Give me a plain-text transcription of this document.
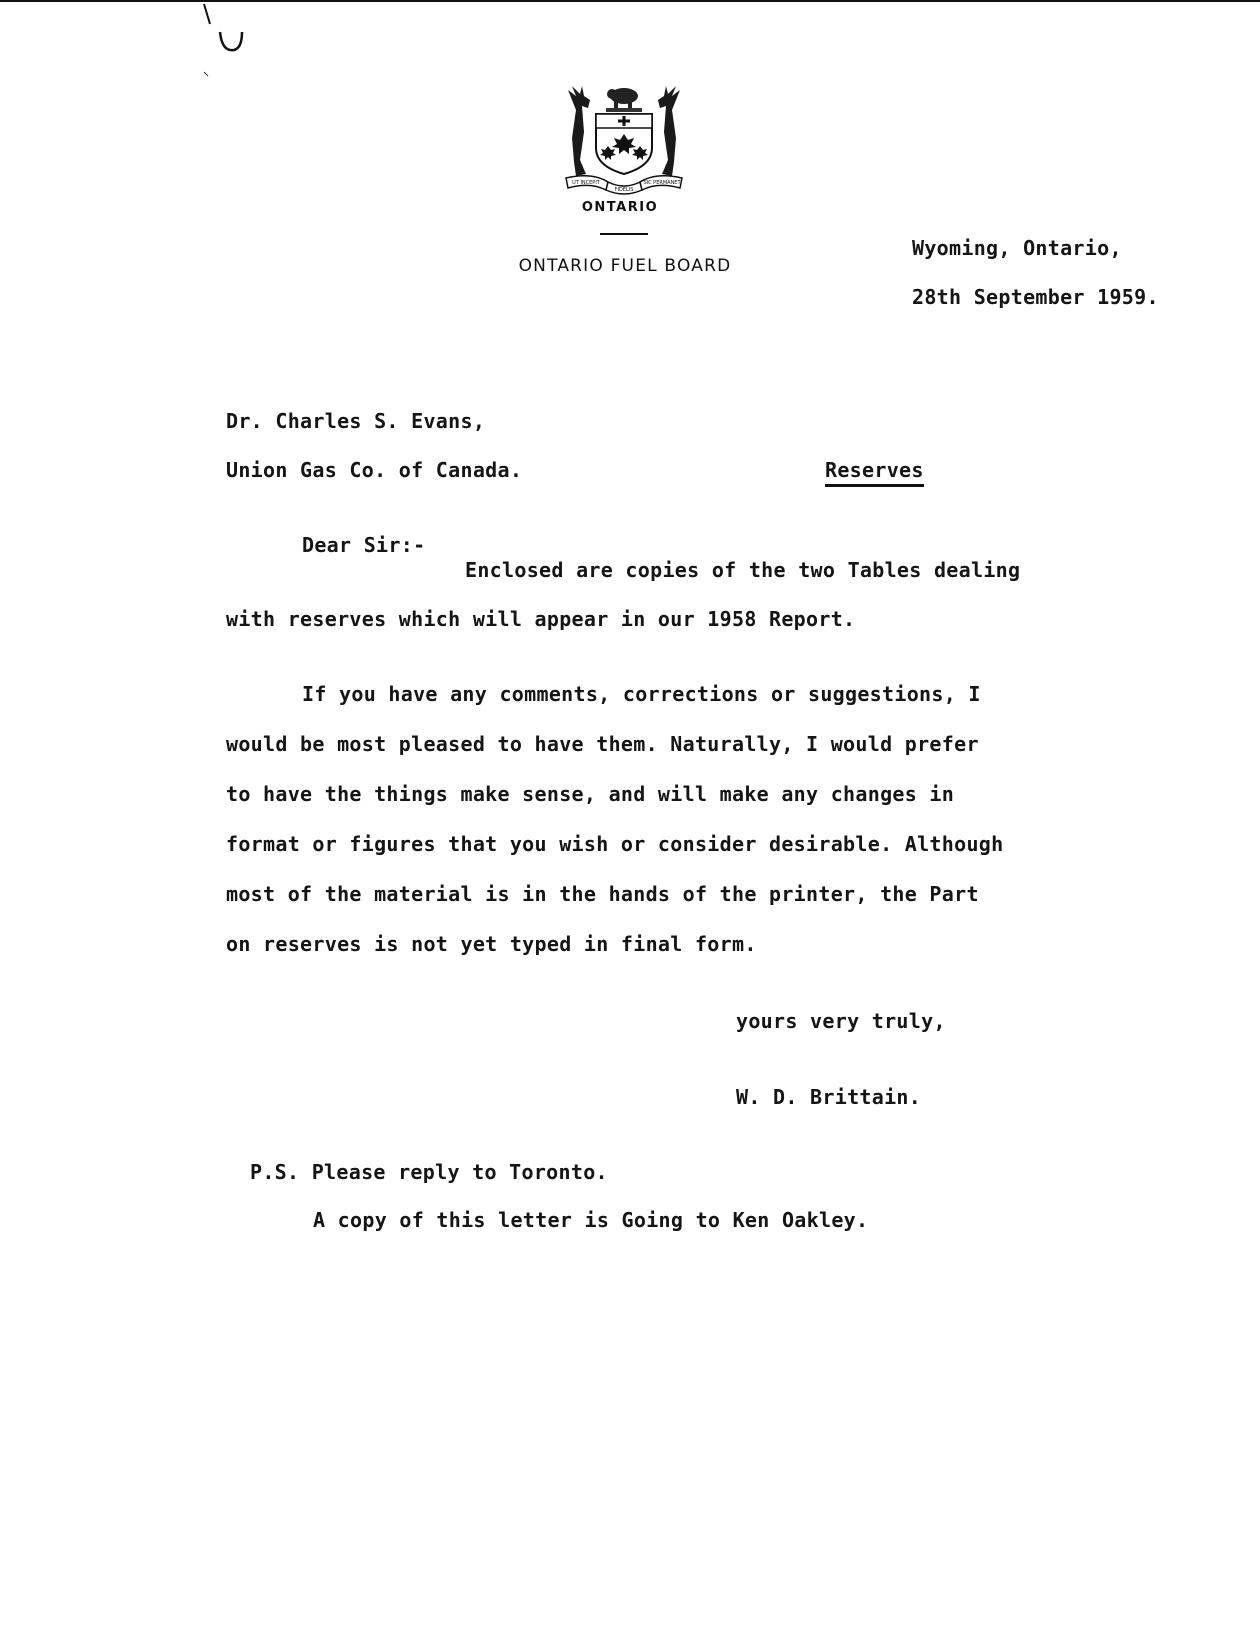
UT INCEPIT
FIDELIS
SIC PERMANET
ONTARIO
ONTARIO FUEL BOARD
Wyoming, Ontario,
28th September 1959.
Dr. Charles S. Evans,
Union Gas Co. of Canada.	Reserves
Dear Sir:-
Enclosed are copies of the two Tables dealing
with reserves which will appear in our 1958 Report.
If you have any comments, corrections or suggestions, I
would be most pleased to have them. Naturally, I would prefer
to have the things make sense, and will make any changes in
format or figures that you wish or consider desirable. Although
most of the material is in the hands of the printer, the Part
on reserves is not yet typed in final form.
yours very truly,
W. D. Brittain.
P.S. Please reply to Toronto.
A copy of this letter is Going to Ken Oakley.
